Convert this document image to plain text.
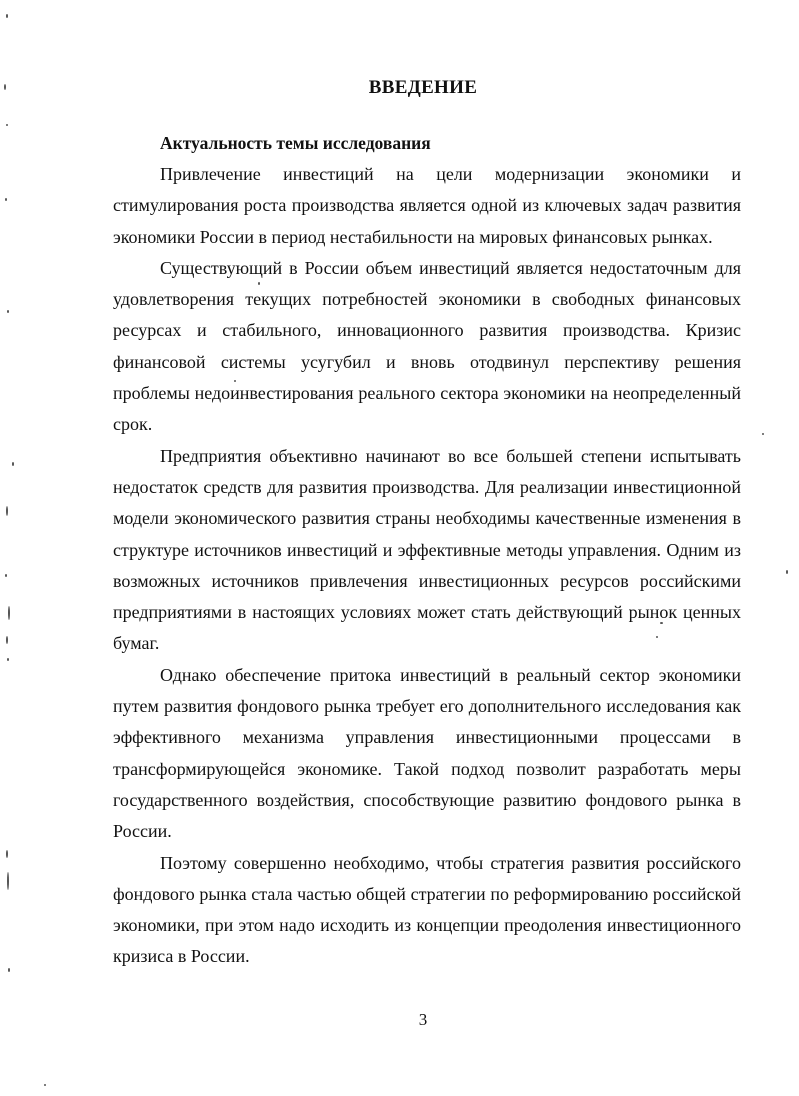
ВВЕДЕНИЕ
Актуальность темы исследования

Привлечение инвестиций на цели модернизации экономики и стимулирования роста производства является одной из ключевых задач развития экономики России в период нестабильности на мировых финансовых рынках.

Существующий в России объем инвестиций является недостаточным для удовлетворения текущих потребностей экономики в свободных финансовых ресурсах и стабильного, инновационного развития производства. Кризис финансовой системы усугубил и вновь отодвинул перспективу решения проблемы недоинвестирования реального сектора экономики на неопределенный срок.

Предприятия объективно начинают во все большей степени испытывать недостаток средств для развития производства. Для реализации инвестиционной модели экономического развития страны необходимы качественные изменения в структуре источников инвестиций и эффективные методы управления. Одним из возможных источников привлечения инвестиционных ресурсов российскими предприятиями в настоящих условиях может стать действующий рынок ценных бумаг.

Однако обеспечение притока инвестиций в реальный сектор экономики путем развития фондового рынка требует его дополнительного исследования как эффективного механизма управления инвестиционными процессами в трансформирующейся экономике. Такой подход позволит разработать меры государственного воздействия, способствующие развитию фондового рынка в России.

Поэтому совершенно необходимо, чтобы стратегия развития российского фондового рынка стала частью общей стратегии по реформированию российской экономики, при этом надо исходить из концепции преодоления инвестиционного кризиса в России.

3
